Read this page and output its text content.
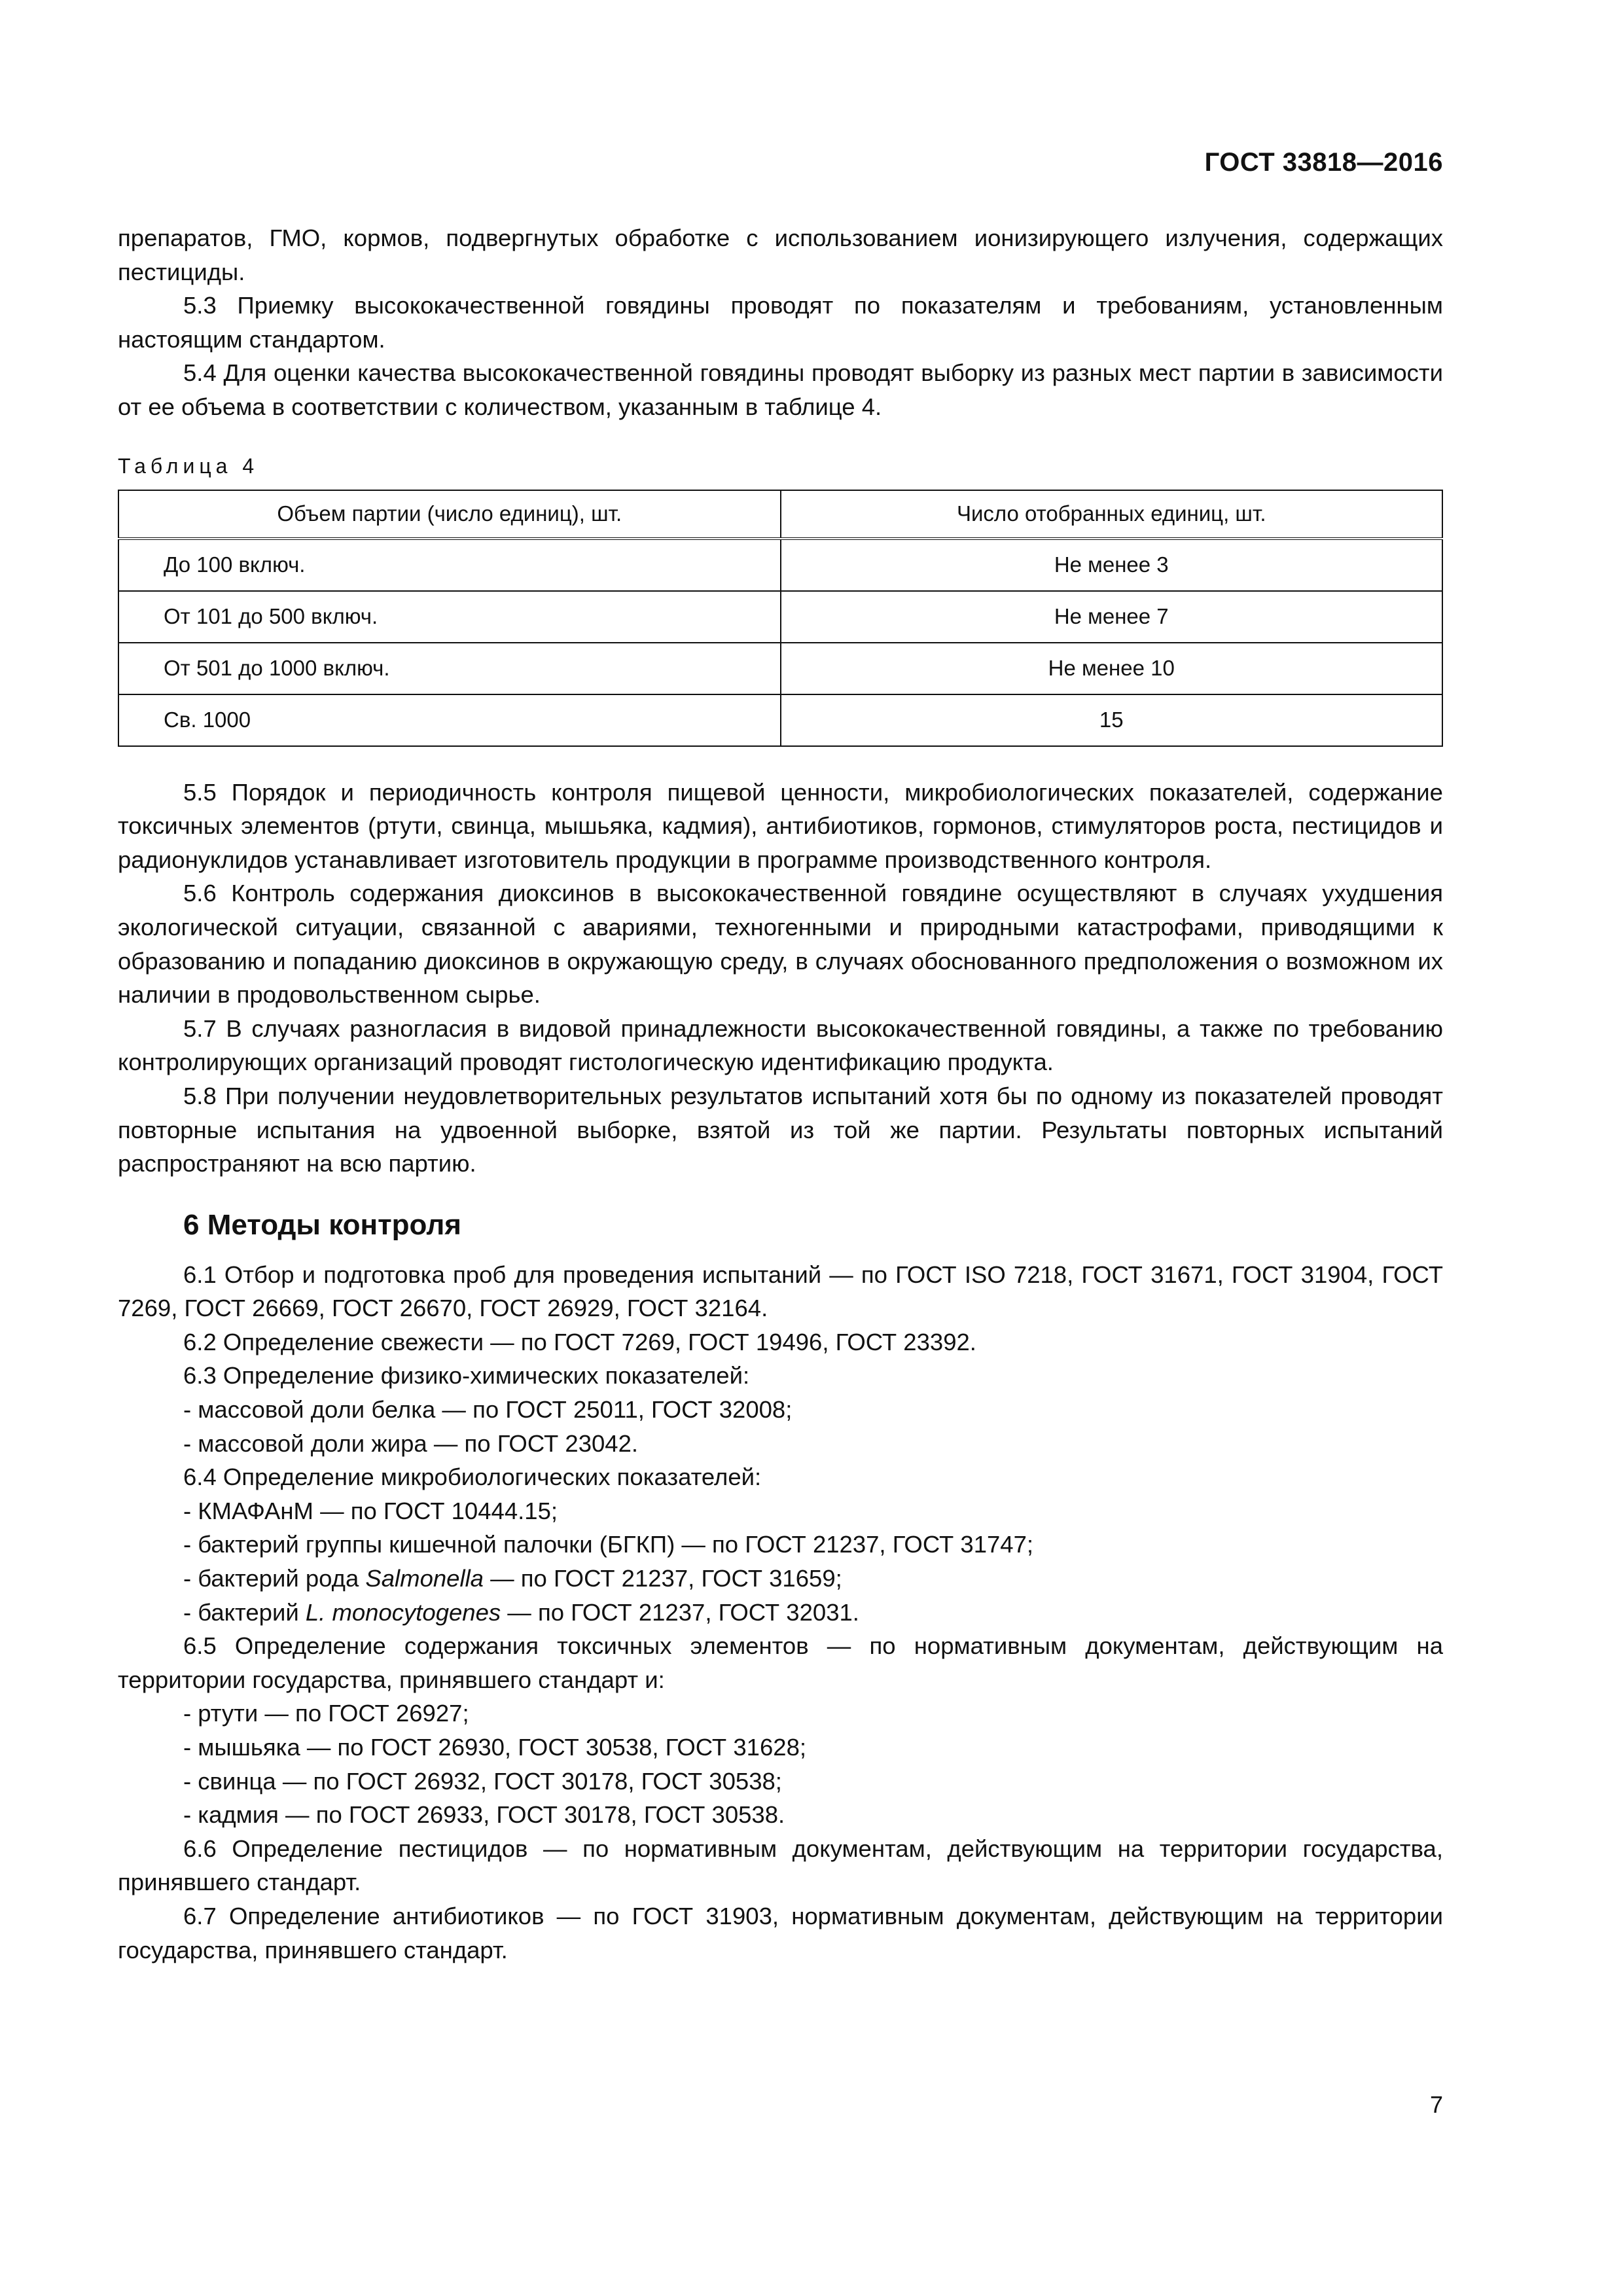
ГОСТ 33818—2016

препаратов, ГМО, кормов, подвергнутых обработке с использованием ионизирующего излучения, содержащих пестициды.

5.3 Приемку высококачественной говядины проводят по показателям и требованиям, установленным настоящим стандартом.

5.4 Для оценки качества высококачественной говядины проводят выборку из разных мест партии в зависимости от ее объема в соответствии с количеством, указанным в таблице 4.

Таблица 4
Объем партии (число единиц), шт.	Число отобранных единиц, шт.
До 100 включ.	Не менее 3
От 101 до 500 включ.	Не менее 7
От 501 до 1000 включ.	Не менее 10
Св. 1000	15

5.5 Порядок и периодичность контроля пищевой ценности, микробиологических показателей, содержание токсичных элементов (ртути, свинца, мышьяка, кадмия), антибиотиков, гормонов, стимуляторов роста, пестицидов и радионуклидов устанавливает изготовитель продукции в программе производственного контроля.

5.6 Контроль содержания диоксинов в высококачественной говядине осуществляют в случаях ухудшения экологической ситуации, связанной с авариями, техногенными и природными катастрофами, приводящими к образованию и попаданию диоксинов в окружающую среду, в случаях обоснованного предположения о возможном их наличии в продовольственном сырье.

5.7 В случаях разногласия в видовой принадлежности высококачественной говядины, а также по требованию контролирующих организаций проводят гистологическую идентификацию продукта.

5.8 При получении неудовлетворительных результатов испытаний хотя бы по одному из показателей проводят повторные испытания на удвоенной выборке, взятой из той же партии. Результаты повторных испытаний распространяют на всю партию.

6 Методы контроля

6.1 Отбор и подготовка проб для проведения испытаний — по ГОСТ ISO 7218, ГОСТ 31671, ГОСТ 31904, ГОСТ 7269, ГОСТ 26669, ГОСТ 26670, ГОСТ 26929, ГОСТ 32164.

6.2 Определение свежести — по ГОСТ 7269, ГОСТ 19496, ГОСТ 23392.

6.3 Определение физико-химических показателей:

- массовой доли белка — по ГОСТ 25011, ГОСТ 32008;

- массовой доли жира — по ГОСТ 23042.

6.4 Определение микробиологических показателей:

- КМАФАнМ — по ГОСТ 10444.15;

- бактерий группы кишечной палочки (БГКП) — по ГОСТ 21237, ГОСТ 31747;

- бактерий рода Salmonella — по ГОСТ 21237, ГОСТ 31659;

- бактерий L. monocytogenes — по ГОСТ 21237, ГОСТ 32031.

6.5 Определение содержания токсичных элементов — по нормативным документам, действующим на территории государства, принявшего стандарт и:

- ртути — по ГОСТ 26927;

- мышьяка — по ГОСТ 26930, ГОСТ 30538, ГОСТ 31628;

- свинца — по ГОСТ 26932, ГОСТ 30178, ГОСТ 30538;

- кадмия — по ГОСТ 26933, ГОСТ 30178, ГОСТ 30538.

6.6 Определение пестицидов — по нормативным документам, действующим на территории государства, принявшего стандарт.

6.7 Определение антибиотиков — по ГОСТ 31903, нормативным документам, действующим на территории государства, принявшего стандарт.

7
